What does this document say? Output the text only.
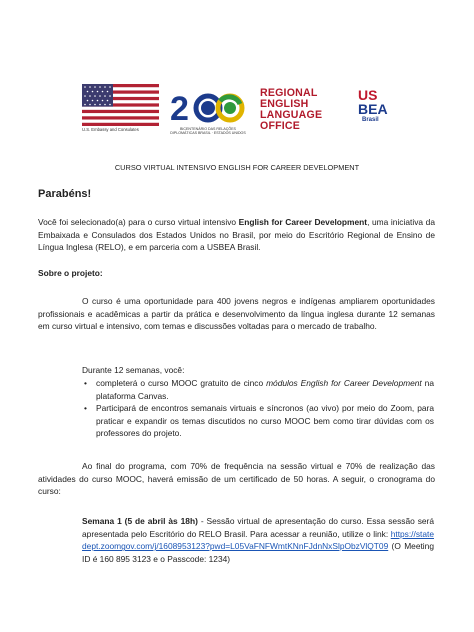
U.S. Embassy and Consulates
2
BICENTENÁRIO DAS RELAÇÕES DIPLOMÁTICAS BRASIL · ESTADOS UNIDOS
REGIONAL
ENGLISH
LANGUAGE
OFFICE
US
BEA
Brasil
CURSO VIRTUAL INTENSIVO ENGLISH FOR CAREER DEVELOPMENT
Parabéns!
Você foi selecionado(a) para o curso virtual intensivo English for Career Development, uma iniciativa da Embaixada e Consulados dos Estados Unidos no Brasil, por meio do Escritório Regional de Ensino de Língua Inglesa (RELO), e em parceria com a USBEA Brasil.
Sobre o projeto:
O curso é uma oportunidade para 400 jovens negros e indígenas ampliarem oportunidades profissionais e acadêmicas a partir da prática e desenvolvimento da língua inglesa durante 12 semanas em curso virtual e intensivo, com temas e discussões voltadas para o mercado de trabalho.
Durante 12 semanas, você:
• completerá o curso MOOC gratuito de cinco módulos English for Career Development na plataforma Canvas.
• Participará de encontros semanais virtuais e síncronos (ao vivo) por meio do Zoom, para praticar e expandir os temas discutidos no curso MOOC bem como tirar dúvidas com os professores do projeto.
Ao final do programa, com 70% de frequência na sessão virtual e 70% de realização das atividades do curso MOOC, haverá emissão de um certificado de 50 horas. A seguir, o cronograma do curso:
Semana 1 (5 de abril às 18h) - Sessão virtual de apresentação do curso. Essa sessão será apresentada pelo Escritório do RELO Brasil. Para acessar a reunião, utilize o link: https://statedept.zoomgov.com/j/1608953123?pwd=L05VaFNFWmtKNnFJdnNxSlpObzVlQT09 (O Meeting ID é 160 895 3123 e o Passcode: 1234)
